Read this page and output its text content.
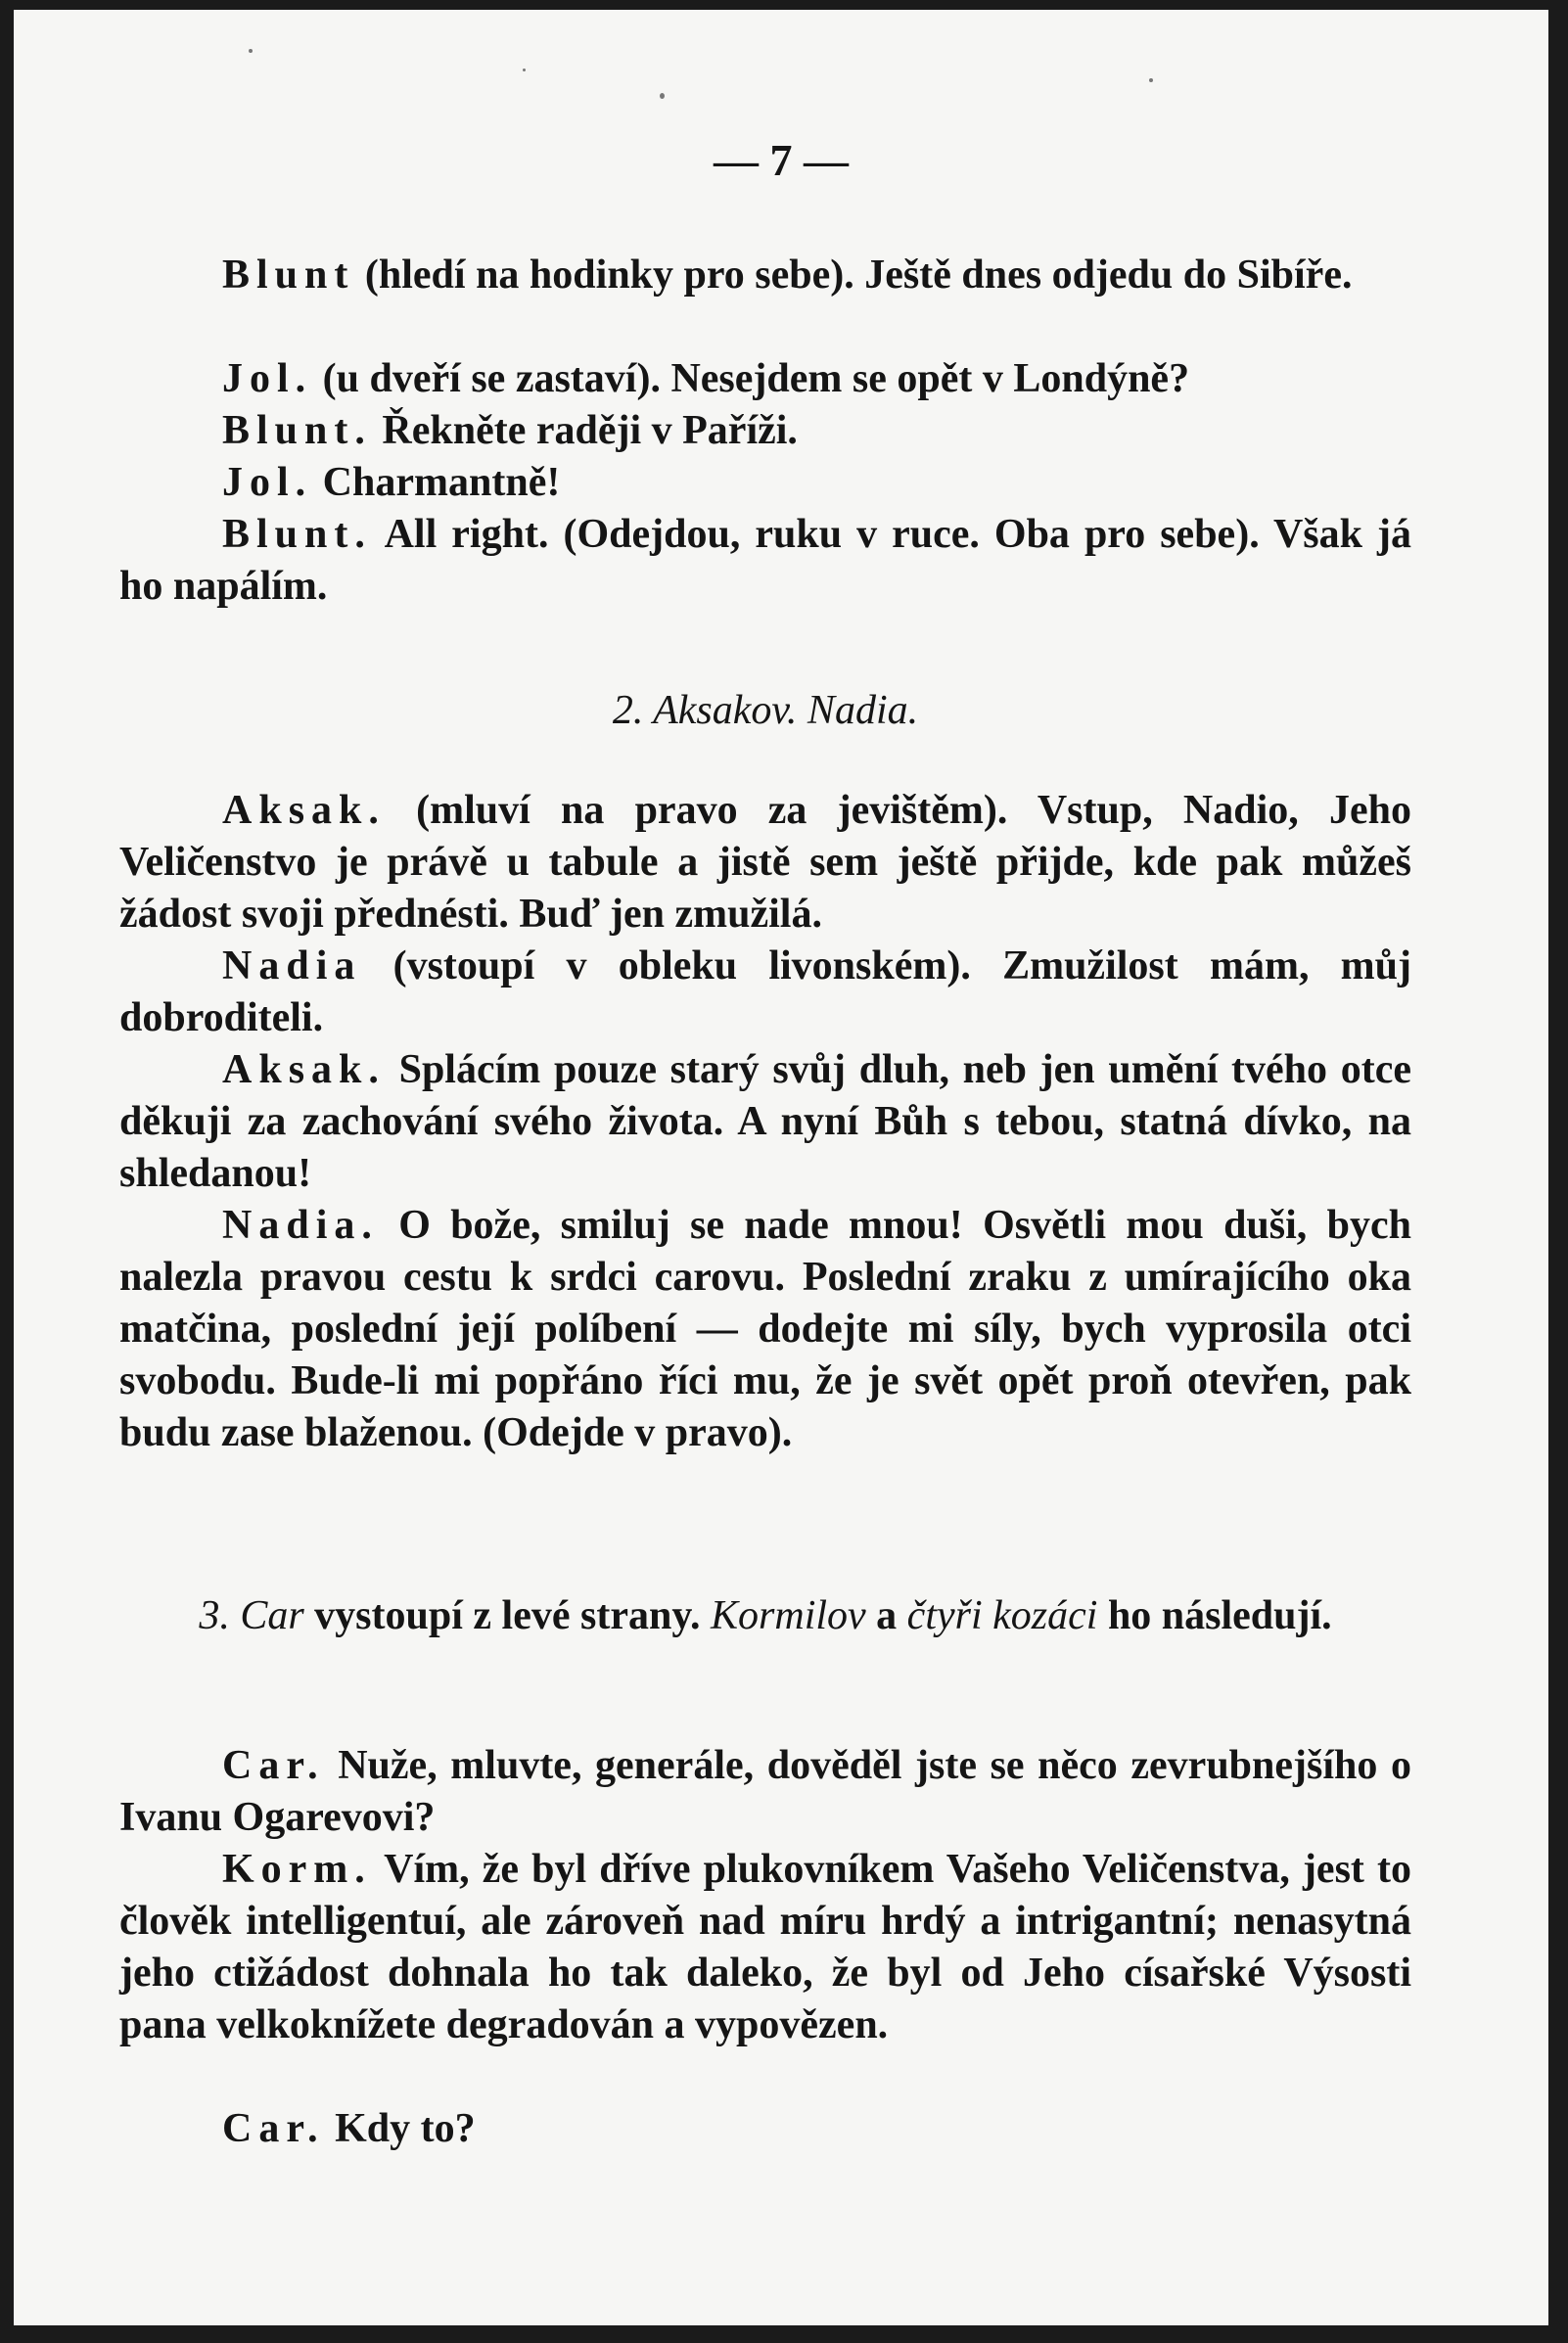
— 7 —
Blunt (hledí na hodinky pro sebe). Ještě dnes odjedu do Sibíře.
Jol. (u dveří se zastaví). Nesejdem se opět v Londýně?
Blunt. Řekněte raději v Paříži.
Jol. Charmantně!
Blunt. All right. (Odejdou, ruku v ruce. Oba pro sebe). Však já ho napálím.
2. Aksakov. Nadia.
Aksak. (mluví na pravo za jevištěm). Vstup, Nadio, Jeho Veličenstvo je právě u tabule a jistě sem ještě přijde, kde pak můžeš žádost svoji přednésti. Buď jen zmužilá.
Nadia (vstoupí v obleku livonském). Zmužilost mám, můj dobroditeli.
Aksak. Splácím pouze starý svůj dluh, neb jen umění tvého otce děkuji za zachování svého života. A nyní Bůh s tebou, statná dívko, na shledanou!
Nadia. O bože, smiluj se nade mnou! Osvětli mou duši, bych nalezla pravou cestu k srdci carovu. Poslední zraku z umírajícího oka matčina, poslední její políbení — dodejte mi síly, bych vyprosila otci svobodu. Bude-li mi popřáno říci mu, že je svět opět proň otevřen, pak budu zase blaženou. (Odejde v pravo).
3. Car vystoupí z levé strany. Kormilov a čtyři kozáci ho následují.
Car. Nuže, mluvte, generále, dověděl jste se něco zevrubnejšího o Ivanu Ogarevovi?
Korm. Vím, že byl dříve plukovníkem Vašeho Veličenstva, jest to člověk intelligentuí, ale zároveň nad míru hrdý a intrigantní; nenasytná jeho ctižádost dohnala ho tak daleko, že byl od Jeho císařské Výsosti pana velkoknížete degradován a vypovězen.
Car. Kdy to?
